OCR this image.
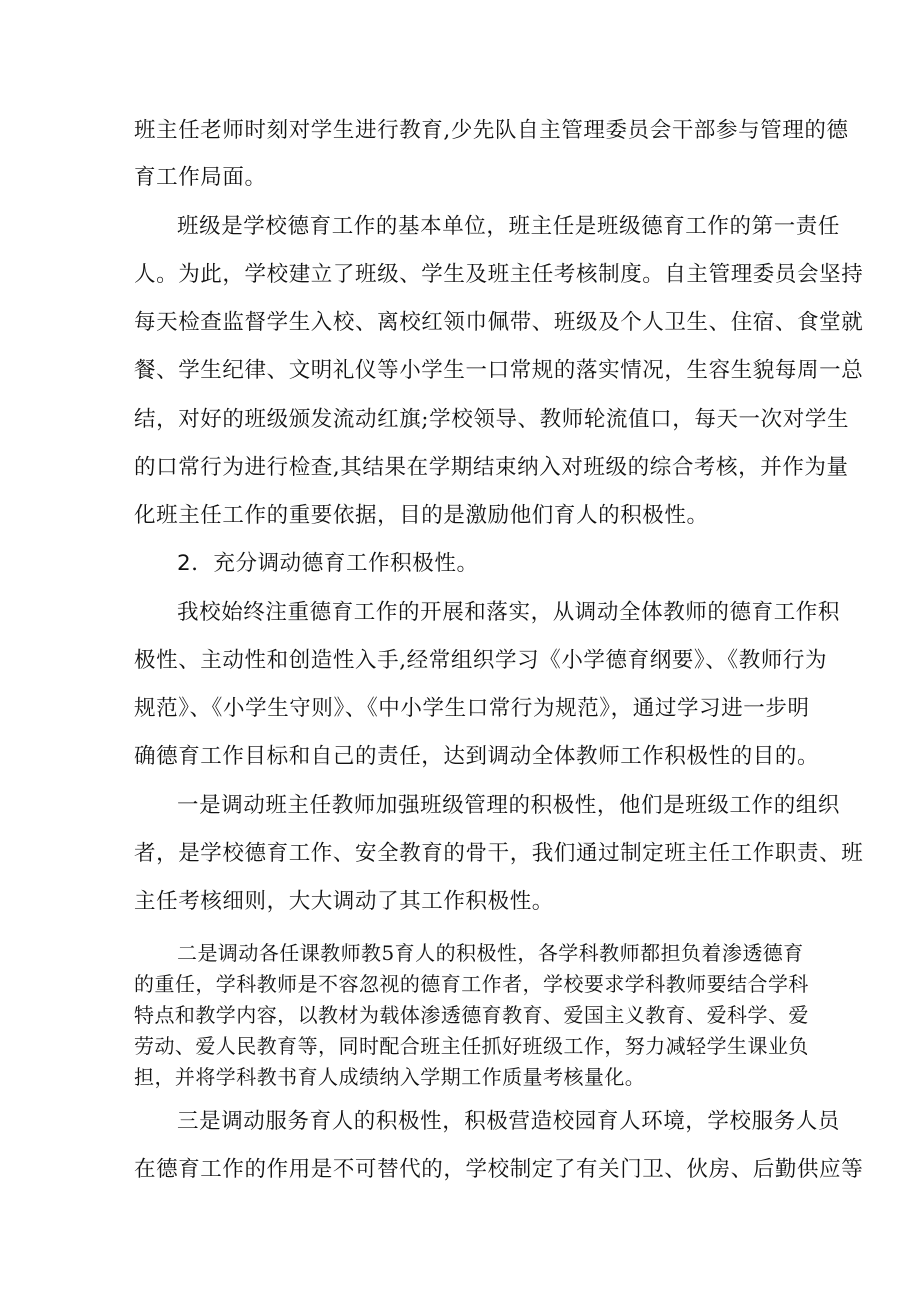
班主任老师时刻对学生进行教育,少先队自主管理委员会干部参与管理的德
育工作局面。
班级是学校德育工作的基本单位，班主任是班级德育工作的第一责任
人。为此，学校建立了班级、学生及班主任考核制度。自主管理委员会坚持
每天检查监督学生入校、离校红领巾佩带、班级及个人卫生、住宿、食堂就
餐、学生纪律、文明礼仪等小学生一口常规的落实情况，生容生貌每周一总
结，对好的班级颁发流动红旗;学校领导、教师轮流值口，每天一次对学生
的口常行为进行检查,其结果在学期结束纳入对班级的综合考核，并作为量
化班主任工作的重要依据，目的是激励他们育人的积极性。
2．充分调动德育工作积极性。
我校始终注重德育工作的开展和落实，从调动全体教师的德育工作积
极性、主动性和创造性入手,经常组织学习《小学德育纲要》、《教师行为
规范》、《小学生守则》、《中小学生口常行为规范》，通过学习进一步明
确德育工作目标和自己的责任，达到调动全体教师工作积极性的目的。
一是调动班主任教师加强班级管理的积极性，他们是班级工作的组织
者，是学校德育工作、安全教育的骨干，我们通过制定班主任工作职责、班
主任考核细则，大大调动了其工作积极性。
二是调动各任课教师教5育人的积极性，各学科教师都担负着渗透德育
的重任，学科教师是不容忽视的德育工作者，学校要求学科教师要结合学科
特点和教学内容，以教材为载体渗透德育教育、爱国主义教育、爱科学、爱
劳动、爱人民教育等，同时配合班主任抓好班级工作，努力减轻学生课业负
担，并将学科教书育人成绩纳入学期工作质量考核量化。
三是调动服务育人的积极性，积极营造校园育人环境，学校服务人员
在德育工作的作用是不可替代的，学校制定了有关门卫、伙房、后勤供应等
